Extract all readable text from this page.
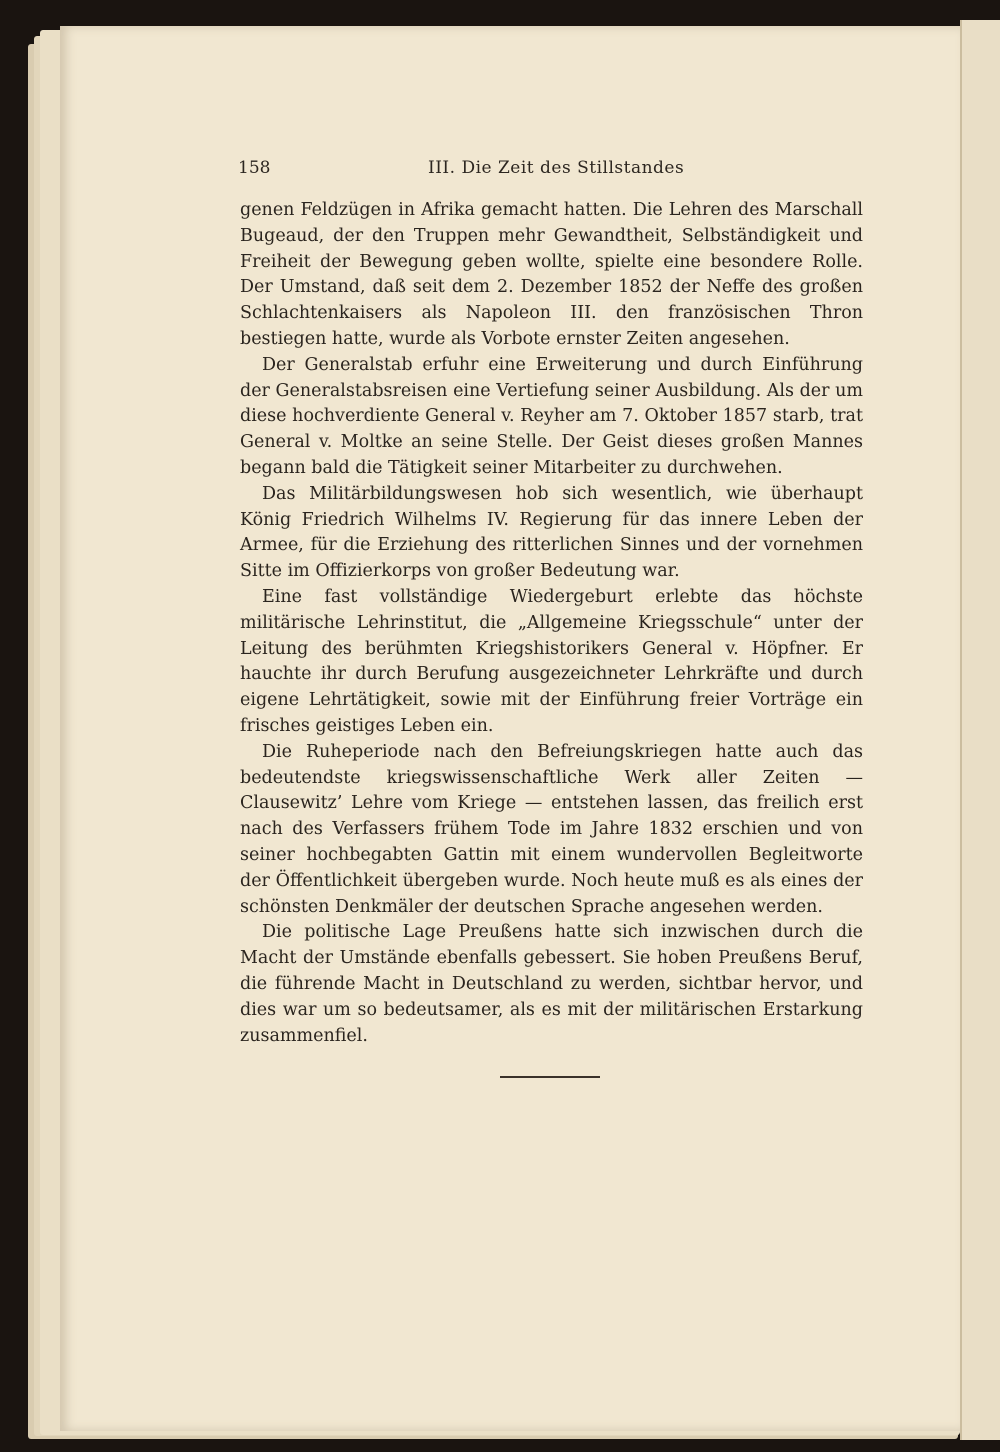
158	III. Die Zeit des Stillstandes

genen Feldzügen in Afrika gemacht hatten. Die Lehren des Marschall Bugeaud, der den Truppen mehr Gewandtheit, Selbständigkeit und Freiheit der Bewegung geben wollte, spielte eine besondere Rolle. Der Umstand, daß seit dem 2. Dezember 1852 der Neffe des großen Schlachtenkaisers als Napoleon III. den französischen Thron bestiegen hatte, wurde als Vorbote ernster Zeiten angesehen.

Der Generalstab erfuhr eine Erweiterung und durch Einführung der Generalstabsreisen eine Vertiefung seiner Ausbildung. Als der um diese hochverdiente General v. Reyher am 7. Oktober 1857 starb, trat General v. Moltke an seine Stelle. Der Geist dieses großen Mannes begann bald die Tätigkeit seiner Mitarbeiter zu durchwehen.

Das Militärbildungswesen hob sich wesentlich, wie überhaupt König Friedrich Wilhelms IV. Regierung für das innere Leben der Armee, für die Erziehung des ritterlichen Sinnes und der vornehmen Sitte im Offizierkorps von großer Bedeutung war.

Eine fast vollständige Wiedergeburt erlebte das höchste militärische Lehrinstitut, die „Allgemeine Kriegsschule“ unter der Leitung des berühmten Kriegshistorikers General v. Höpfner. Er hauchte ihr durch Berufung ausgezeichneter Lehrkräfte und durch eigene Lehrtätigkeit, sowie mit der Einführung freier Vorträge ein frisches geistiges Leben ein.

Die Ruheperiode nach den Befreiungskriegen hatte auch das bedeutendste kriegswissenschaftliche Werk aller Zeiten — Clausewitz’ Lehre vom Kriege — entstehen lassen, das freilich erst nach des Verfassers frühem Tode im Jahre 1832 erschien und von seiner hochbegabten Gattin mit einem wundervollen Begleitworte der Öffentlichkeit übergeben wurde. Noch heute muß es als eines der schönsten Denkmäler der deutschen Sprache angesehen werden.

Die politische Lage Preußens hatte sich inzwischen durch die Macht der Umstände ebenfalls gebessert. Sie hoben Preußens Beruf, die führende Macht in Deutschland zu werden, sichtbar hervor, und dies war um so bedeutsamer, als es mit der militärischen Erstarkung zusammenfiel.
